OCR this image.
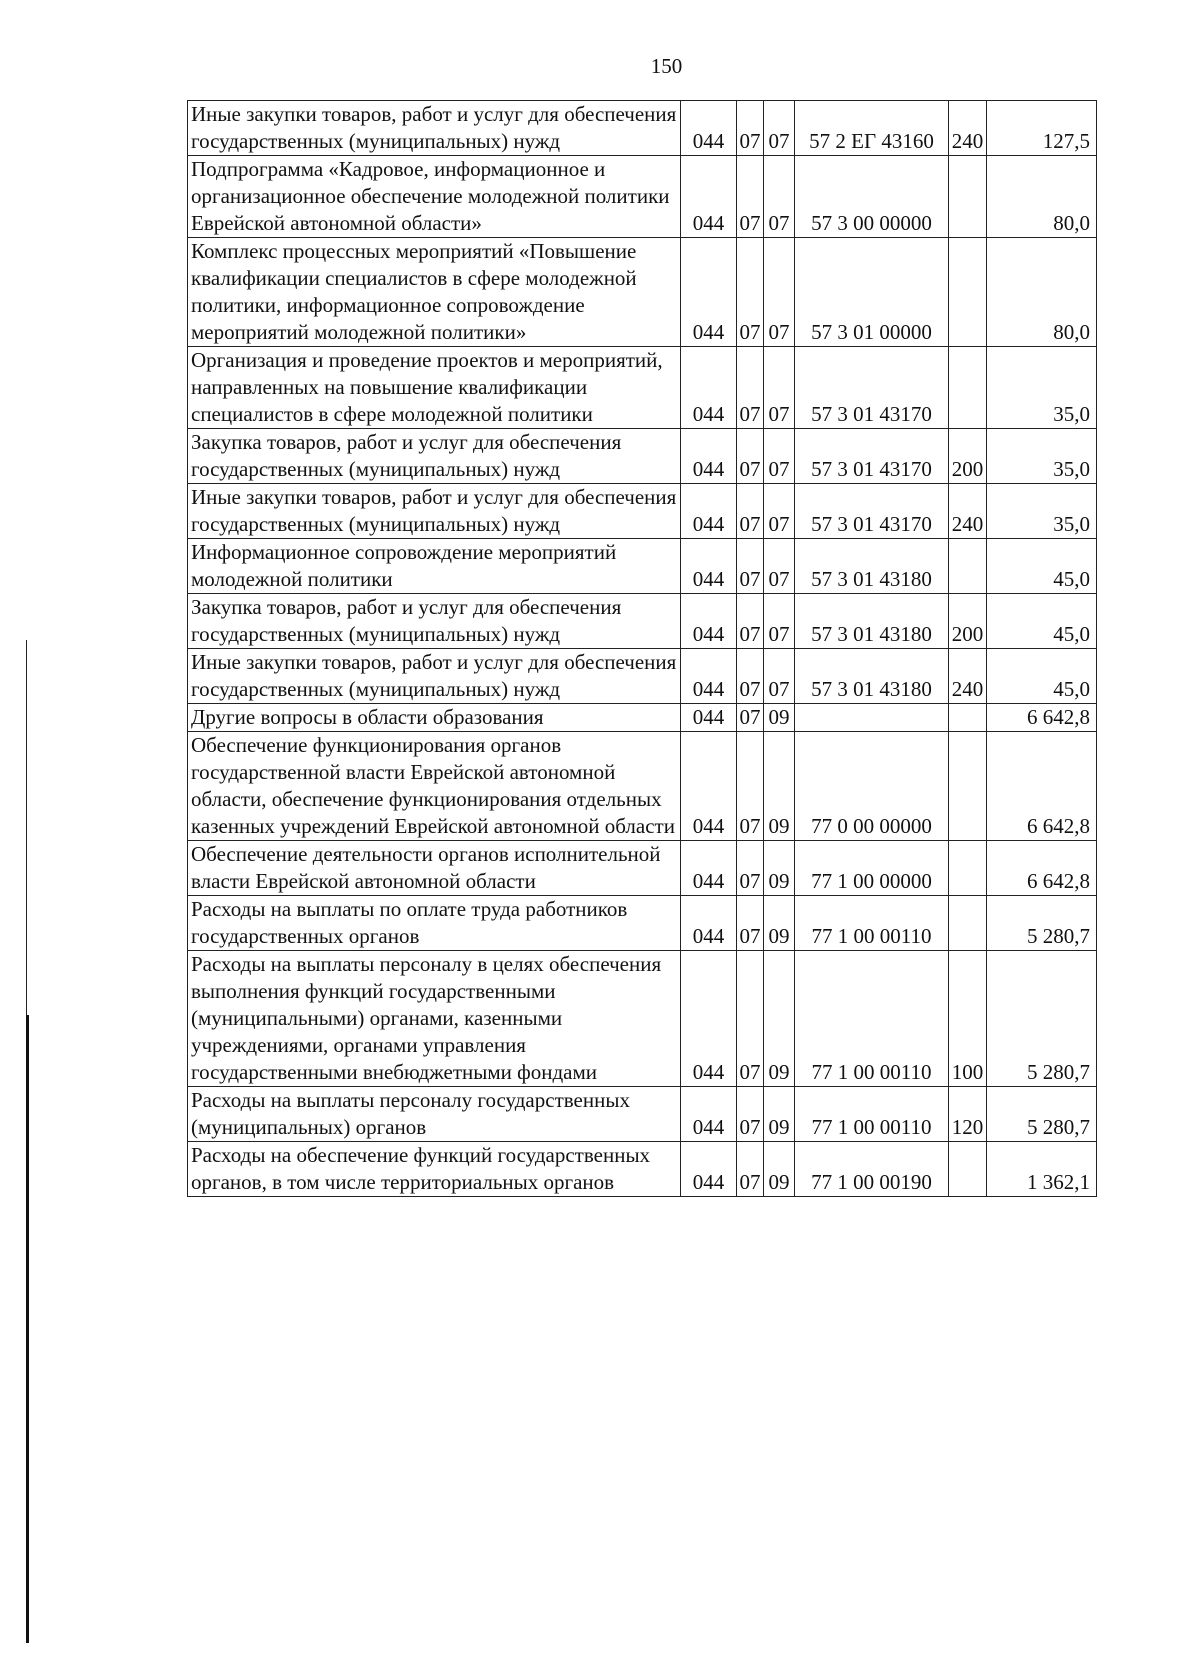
150
Иные закупки товаров, работ и услуг для обеспечения государственных (муниципальных) нужд	044	07	07	57 2 ЕГ 43160	240	127,5
Подпрограмма «Кадровое, информационное и организационное обеспечение молодежной политики Еврейской автономной области»	044	07	07	57 3 00 00000		80,0
Комплекс процессных мероприятий «Повышение квалификации специалистов в сфере молодежной политики, информационное сопровождение мероприятий молодежной политики»	044	07	07	57 3 01 00000		80,0
Организация и проведение проектов и мероприятий, направленных на повышение квалификации специалистов в сфере молодежной политики	044	07	07	57 3 01 43170		35,0
Закупка товаров, работ и услуг для обеспечения государственных (муниципальных) нужд	044	07	07	57 3 01 43170	200	35,0
Иные закупки товаров, работ и услуг для обеспечения государственных (муниципальных) нужд	044	07	07	57 3 01 43170	240	35,0
Информационное сопровождение мероприятий молодежной политики	044	07	07	57 3 01 43180		45,0
Закупка товаров, работ и услуг для обеспечения государственных (муниципальных) нужд	044	07	07	57 3 01 43180	200	45,0
Иные закупки товаров, работ и услуг для обеспечения государственных (муниципальных) нужд	044	07	07	57 3 01 43180	240	45,0
Другие вопросы в области образования	044	07	09			6 642,8
Обеспечение функционирования органов государственной власти Еврейской автономной области, обеспечение функционирования отдельных казенных учреждений Еврейской автономной области	044	07	09	77 0 00 00000		6 642,8
Обеспечение деятельности органов исполнительной власти Еврейской автономной области	044	07	09	77 1 00 00000		6 642,8
Расходы на выплаты по оплате труда работников государственных органов	044	07	09	77 1 00 00110		5 280,7
Расходы на выплаты персоналу в целях обеспечения выполнения функций государственными (муниципальными) органами, казенными учреждениями, органами управления государственными внебюджетными фондами	044	07	09	77 1 00 00110	100	5 280,7
Расходы на выплаты персоналу государственных (муниципальных) органов	044	07	09	77 1 00 00110	120	5 280,7
Расходы на обеспечение функций государственных органов, в том числе территориальных органов	044	07	09	77 1 00 00190		1 362,1
